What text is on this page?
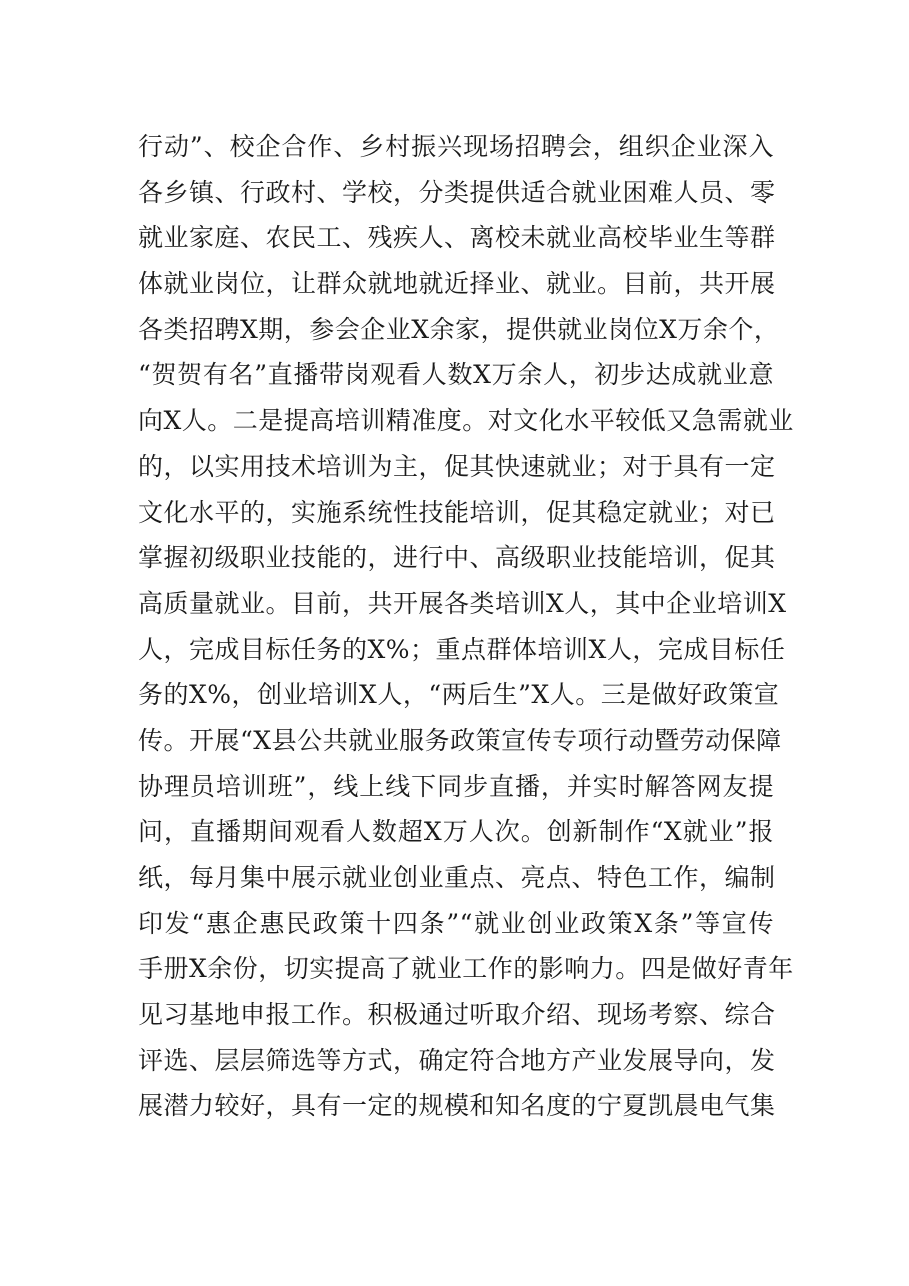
行动”、校企合作、乡村振兴现场招聘会，组织企业深入
各乡镇、行政村、学校，分类提供适合就业困难人员、零
就业家庭、农民工、残疾人、离校未就业高校毕业生等群
体就业岗位，让群众就地就近择业、就业。目前，共开展
各类招聘X期，参会企业X余家，提供就业岗位X万余个，
“贺贺有名”直播带岗观看人数X万余人，初步达成就业意
向X人。二是提高培训精准度。对文化水平较低又急需就业
的，以实用技术培训为主，促其快速就业；对于具有一定
文化水平的，实施系统性技能培训，促其稳定就业；对已
掌握初级职业技能的，进行中、高级职业技能培训，促其
高质量就业。目前，共开展各类培训X人，其中企业培训X
人，完成目标任务的X%；重点群体培训X人，完成目标任
务的X%，创业培训X人，“两后生”X人。三是做好政策宣
传。开展“X县公共就业服务政策宣传专项行动暨劳动保障
协理员培训班”，线上线下同步直播，并实时解答网友提
问，直播期间观看人数超X万人次。创新制作“X就业”报
纸，每月集中展示就业创业重点、亮点、特色工作，编制
印发“惠企惠民政策十四条”“就业创业政策X条”等宣传
手册X余份，切实提高了就业工作的影响力。四是做好青年
见习基地申报工作。积极通过听取介绍、现场考察、综合
评选、层层筛选等方式，确定符合地方产业发展导向，发
展潜力较好，具有一定的规模和知名度的宁夏凯晨电气集
